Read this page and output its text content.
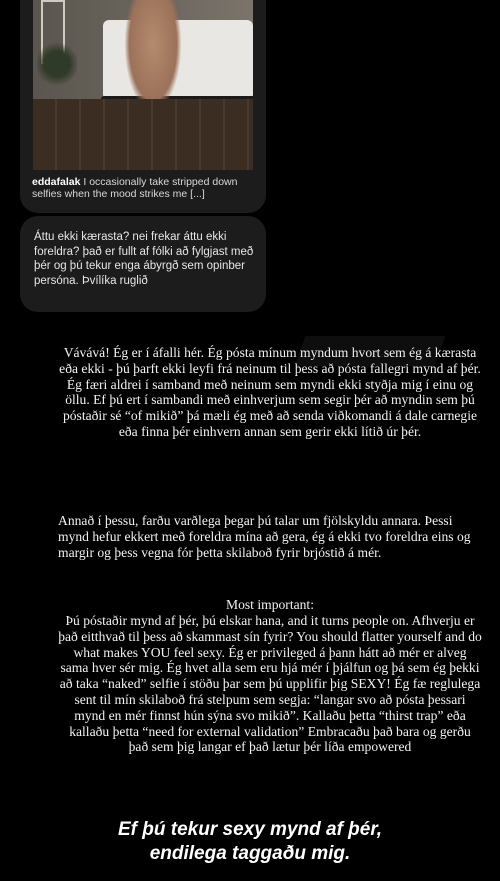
eddafalak I occasionally take stripped down selfies when the mood strikes me [...]

Áttu ekki kærasta? nei frekar áttu ekki foreldra? það er fullt af fólki að fylgjast með þér og þú tekur enga ábyrgð sem opinber persóna. Þvílíka ruglið

Vávává! Ég er í áfalli hér. Ég pósta mínum myndum hvort sem ég á kærasta eða ekki - þú þarft ekki leyfi frá neinum til þess að pósta fallegri mynd af þér. Ég færi aldrei í samband með neinum sem myndi ekki styðja mig í einu og öllu. Ef þú ert í sambandi með einhverjum sem segir þér að myndin sem þú póstaðir sé “of mikið” þá mæli ég með að senda viðkomandi á dale carnegie eða finna þér einhvern annan sem gerir ekki lítið úr þér.

Annað í þessu, farðu varðlega þegar þú talar um fjölskyldu annara. Þessi mynd hefur ekkert með foreldra mína að gera, ég á ekki tvo foreldra eins og margir og þess vegna fór þetta skilaboð fyrir brjóstið á mér.

Most important:

Þú póstaðir mynd af þér, þú elskar hana, and it turns people on. Afhverju er það eitthvað til þess að skammast sín fyrir? You should flatter yourself and do what makes YOU feel sexy. Ég er privileged á þann hátt að mér er alveg sama hver sér mig. Ég hvet alla sem eru hjá mér í þjálfun og þá sem ég þekki að taka “naked” selfie í stöðu þar sem þú upplifir þig SEXY! Ég fæ reglulega sent til mín skilaboð frá stelpum sem segja: “langar svo að pósta þessari mynd en mér finnst hún sýna svo mikið”. Kallaðu þetta “thirst trap” eða kallaðu þetta “need for external validation” Embracaðu það bara og gerðu það sem þig langar ef það lætur þér líða empowered

Ef þú tekur sexy mynd af þér,
endilega taggaðu mig.
